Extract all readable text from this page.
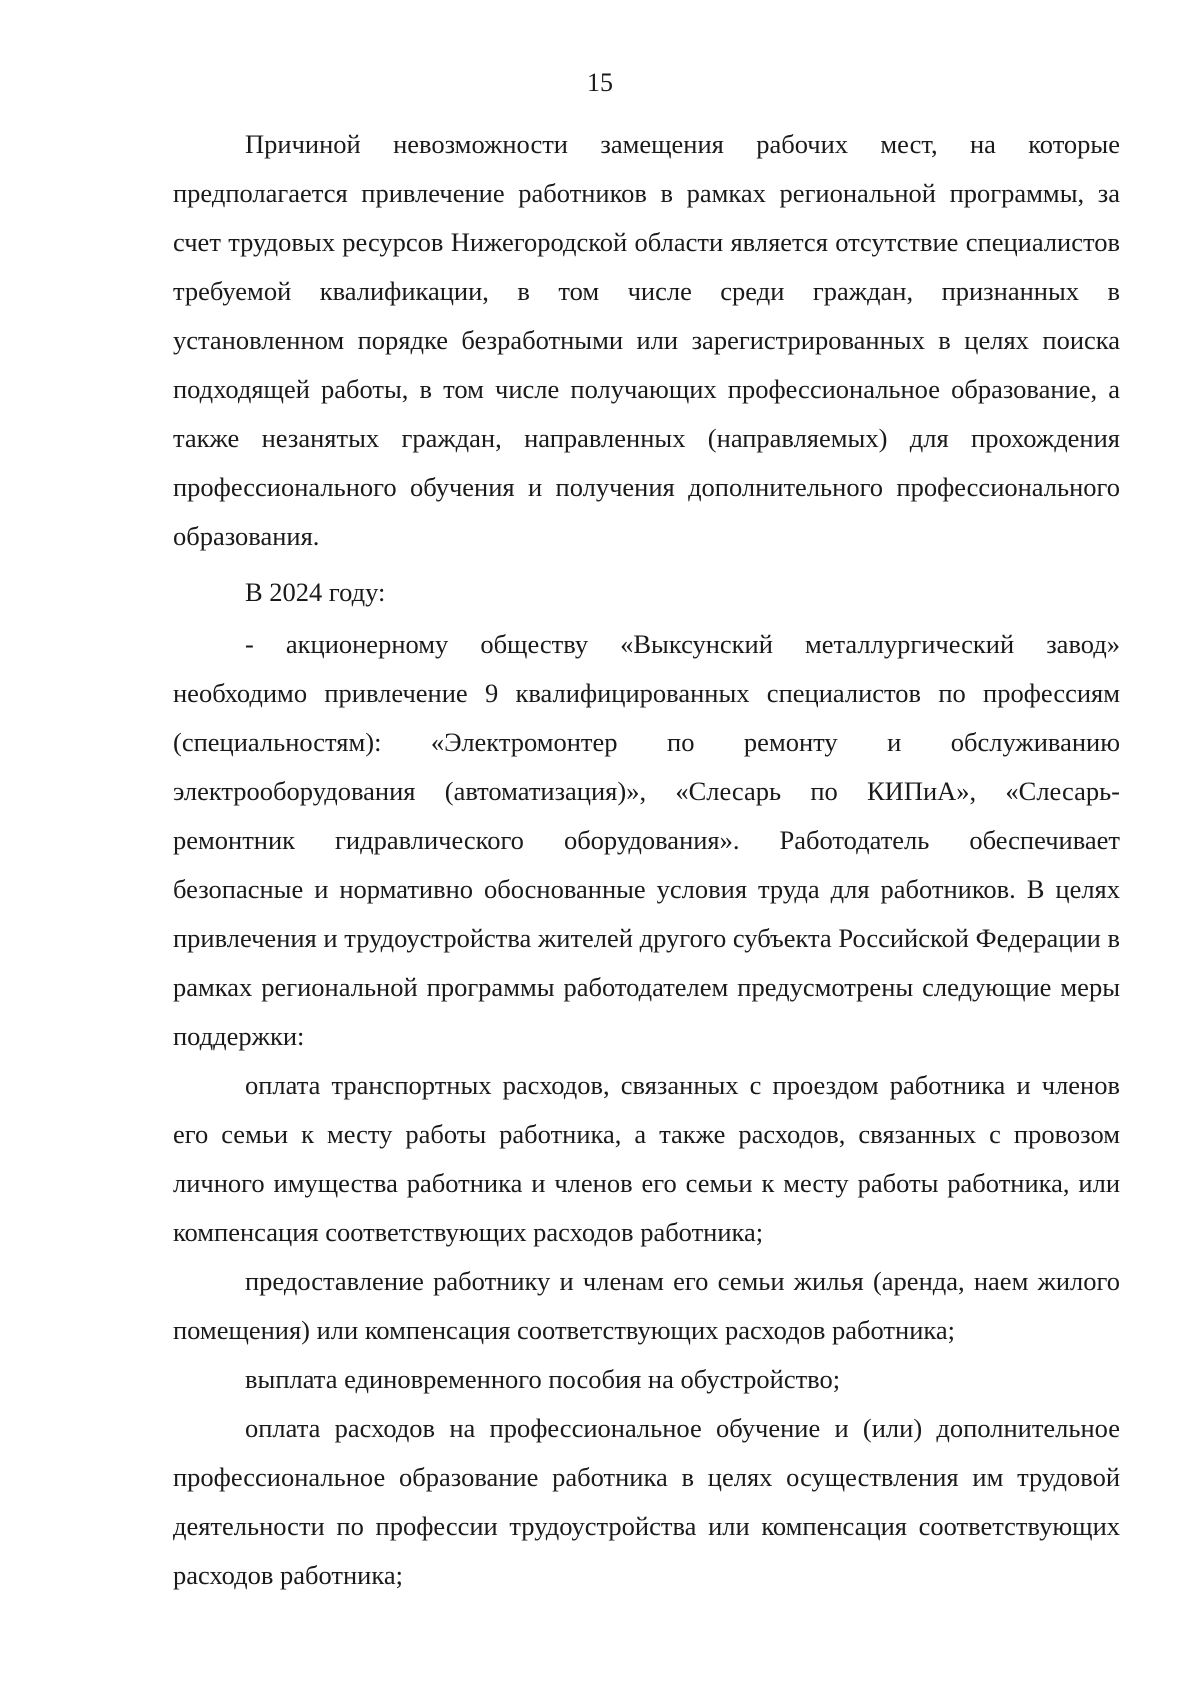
15

Причиной невозможности замещения рабочих мест, на которые предполагается привлечение работников в рамках региональной программы, за счет трудовых ресурсов Нижегородской области является отсутствие специалистов требуемой квалификации, в том числе среди граждан, признанных в установленном порядке безработными или зарегистрированных в целях поиска подходящей работы, в том числе получающих профессиональное образование, а также незанятых граждан, направленных (направляемых) для прохождения профессионального обучения и получения дополнительного профессионального образования.

В 2024 году:

- акционерному обществу «Выксунский металлургический завод» необходимо привлечение 9 квалифицированных специалистов по профессиям (специальностям): «Электромонтер по ремонту и обслуживанию электрооборудования (автоматизация)», «Слесарь по КИПиА», «Слесарь-ремонтник гидравлического оборудования». Работодатель обеспечивает безопасные и нормативно обоснованные условия труда для работников. В целях привлечения и трудоустройства жителей другого субъекта Российской Федерации в рамках региональной программы работодателем предусмотрены следующие меры поддержки:

оплата транспортных расходов, связанных с проездом работника и членов его семьи к месту работы работника, а также расходов, связанных с провозом личного имущества работника и членов его семьи к месту работы работника, или компенсация соответствующих расходов работника;

предоставление работнику и членам его семьи жилья (аренда, наем жилого помещения) или компенсация соответствующих расходов работника;

выплата единовременного пособия на обустройство;

оплата расходов на профессиональное обучение и (или) дополнительное профессиональное образование работника в целях осуществления им трудовой деятельности по профессии трудоустройства или компенсация соответствующих расходов работника;
